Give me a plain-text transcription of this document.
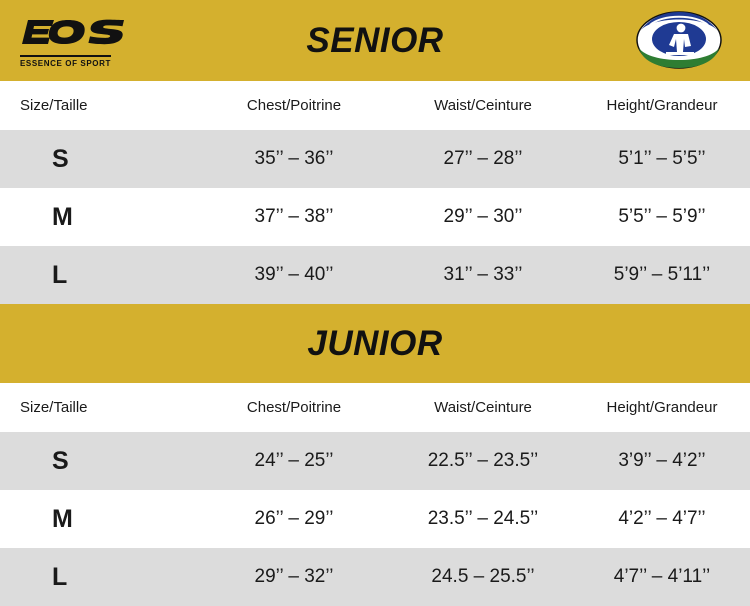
ESSENCE OF SPORT
SENIOR
Size/Taille	Chest/Poitrine	Waist/Ceinture	Height/Grandeur
S	35’’ – 36’’	27’’ – 28’’	5’1’’ – 5’5’’
M	37’’ – 38’’	29’’ – 30’’	5’5’’ – 5’9’’
L	39’’ – 40’’	31’’ – 33’’	5’9’’ – 5’11’’
JUNIOR
Size/Taille	Chest/Poitrine	Waist/Ceinture	Height/Grandeur
S	24’’ – 25’’	22.5’’ – 23.5’’	3’9’’ – 4’2’’
M	26’’ – 29’’	23.5’’ – 24.5’’	4’2’’ – 4’7’’
L	29’’ – 32’’	24.5 – 25.5’’	4’7’’ – 4’11’’
